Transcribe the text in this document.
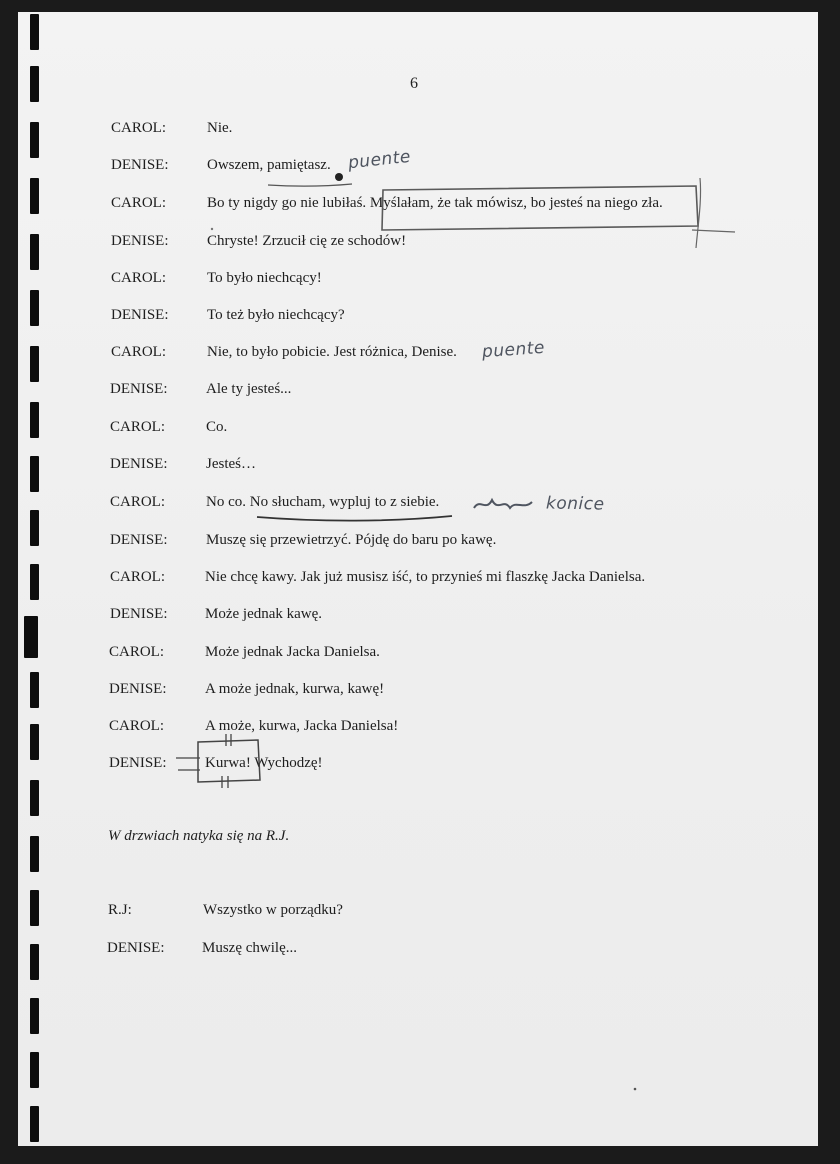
6
CAROL:	Nie.
DENISE:	Owszem, pamiętasz.
CAROL:	Bo ty nigdy go nie lubiłaś. Myślałam, że tak mówisz, bo jesteś na niego zła.
DENISE:	Chryste! Zrzucił cię ze schodów!
CAROL:	To było niechcący!
DENISE:	To też było niechcący?
CAROL:	Nie, to było pobicie. Jest różnica, Denise.
DENISE:	Ale ty jesteś...
CAROL:	Co.
DENISE:	Jesteś…
CAROL:	No co. No słucham, wypluj to z siebie.
DENISE:	Muszę się przewietrzyć. Pójdę do baru po kawę.
CAROL:	Nie chcę kawy. Jak już musisz iść, to przynieś mi flaszkę Jacka Danielsa.
DENISE:	Może jednak kawę.
CAROL:	Może jednak Jacka Danielsa.
DENISE:	A może jednak, kurwa, kawę!
CAROL:	A może, kurwa, Jacka Danielsa!
DENISE:	Kurwa! Wychodzę!
W drzwiach natyka się na R.J.
R.J:	Wszystko w porządku?
DENISE:	Muszę chwilę...
puente
puente
konice
